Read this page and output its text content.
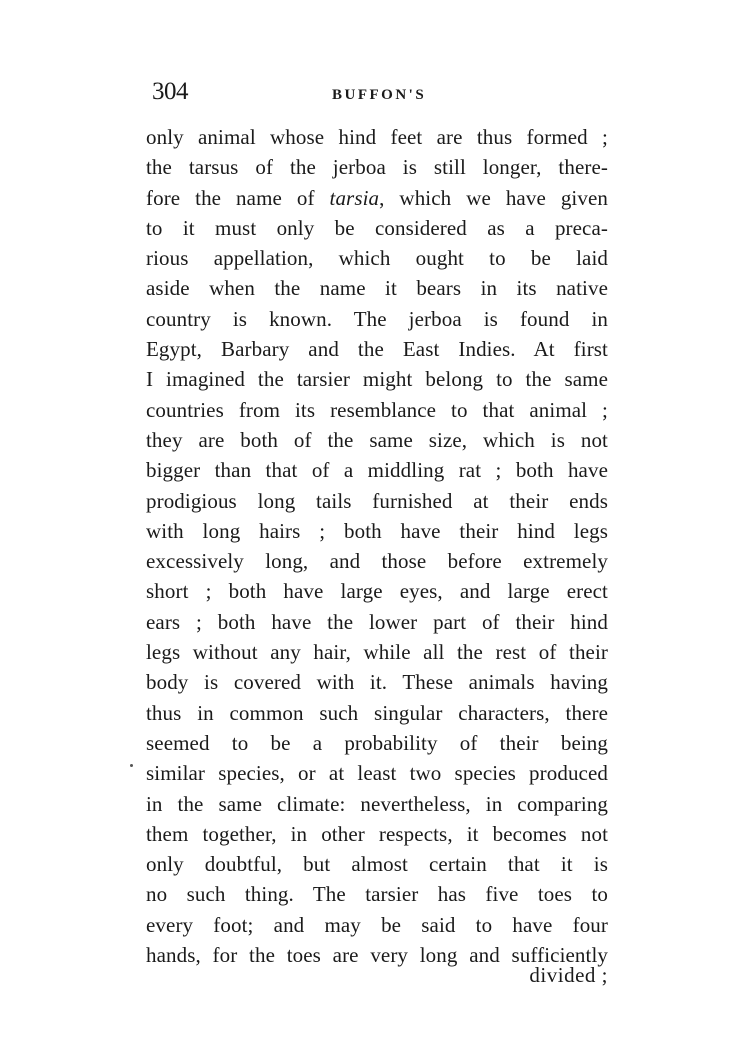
304	BUFFON'S
only animal whose hind feet are thus formed ;
the tarsus of the jerboa is still longer, there-
fore the name of tarsia, which we have given
to it must only be considered as a preca-
rious appellation, which ought to be laid
aside when the name it bears in its native
country is known. The jerboa is found in
Egypt, Barbary and the East Indies. At first
I imagined the tarsier might belong to the same
countries from its resemblance to that animal ;
they are both of the same size, which is not
bigger than that of a middling rat ; both have
prodigious long tails furnished at their ends
with long hairs ; both have their hind legs
excessively long, and those before extremely
short ; both have large eyes, and large erect
ears ; both have the lower part of their hind
legs without any hair, while all the rest of their
body is covered with it. These animals having
thus in common such singular characters, there
seemed to be a probability of their being
similar species, or at least two species produced
in the same climate: nevertheless, in comparing
them together, in other respects, it becomes not
only doubtful, but almost certain that it is
no such thing. The tarsier has five toes to
every foot; and may be said to have four
hands, for the toes are very long and sufficiently
divided ;
